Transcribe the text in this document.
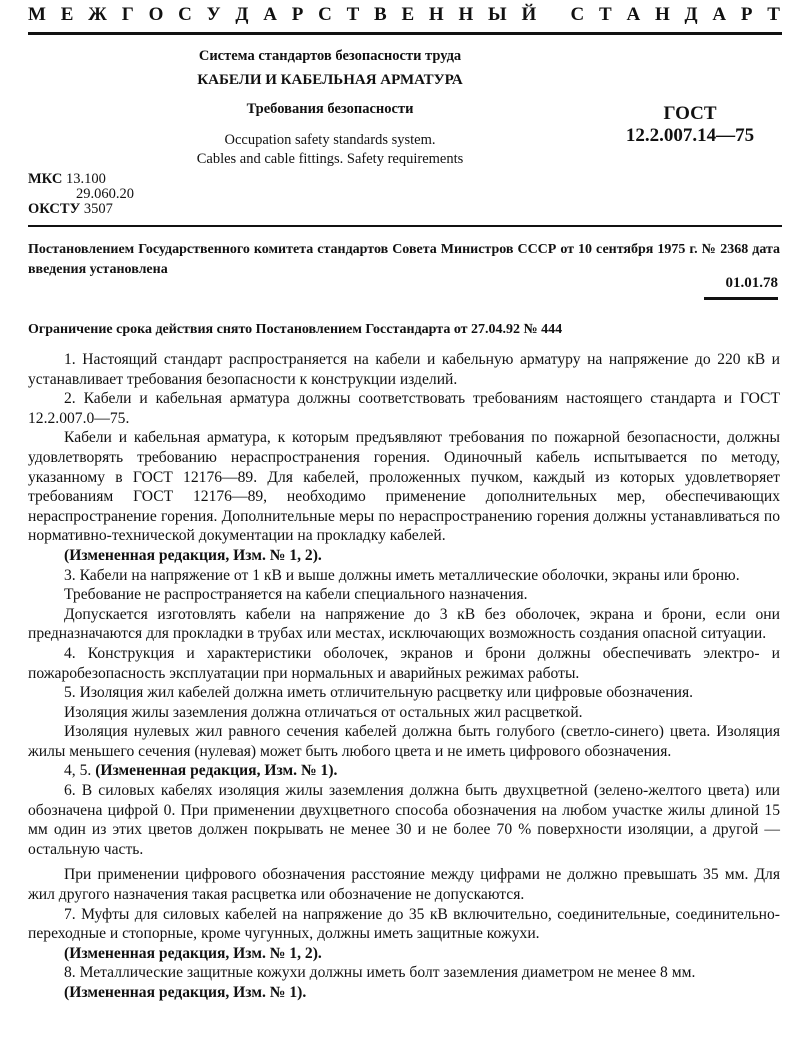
М Е Ж Г О С У Д А Р С Т В Е Н Н Ы Й
С Т А Н Д А Р Т
Система стандартов безопасности труда
КАБЕЛИ И КАБЕЛЬНАЯ АРМАТУРА
Требования безопасности
Occupation safety standards system.
Cables and cable fittings. Safety requirements
ГОСТ
12.2.007.14—75
МКС 13.100
29.060.20
ОКСТУ 3507
Постановлением Государственного комитета стандартов Совета Министров СССР от 10 сентября 1975 г. № 2368 дата введения установлена
01.01.78
Ограничение срока действия снято Постановлением Госстандарта от 27.04.92 № 444

1. Настоящий стандарт распространяется на кабели и кабельную арматуру на напряжение до 220 кВ и устанавливает требования безопасности к конструкции изделий.

2. Кабели и кабельная арматура должны соответствовать требованиям настоящего стандарта и ГОСТ 12.2.007.0—75.

Кабели и кабельная арматура, к которым предъявляют требования по пожарной безопасности, должны удовлетворять требованию нераспространения горения. Одиночный кабель испытывается по методу, указанному в ГОСТ 12176—89. Для кабелей, проложенных пучком, каждый из которых удовлетворяет требованиям ГОСТ 12176—89, необходимо применение дополнительных мер, обеспечивающих нераспространение горения. Дополнительные меры по нераспространению горения должны устанавливаться по нормативно-технической документации на прокладку кабелей.

(Измененная редакция, Изм. № 1, 2).

3. Кабели на напряжение от 1 кВ и выше должны иметь металлические оболочки, экраны или броню.

Требование не распространяется на кабели специального назначения.

Допускается изготовлять кабели на напряжение до 3 кВ без оболочек, экрана и брони, если они предназначаются для прокладки в трубах или местах, исключающих возможность создания опасной ситуации.

4. Конструкция и характеристики оболочек, экранов и брони должны обеспечивать электро- и пожаробезопасность эксплуатации при нормальных и аварийных режимах работы.

5. Изоляция жил кабелей должна иметь отличительную расцветку или цифровые обозначения.

Изоляция жилы заземления должна отличаться от остальных жил расцветкой.

Изоляция нулевых жил равного сечения кабелей должна быть голубого (светло-синего) цвета. Изоляция жилы меньшего сечения (нулевая) может быть любого цвета и не иметь цифрового обозначения.

4, 5. (Измененная редакция, Изм. № 1).

6. В силовых кабелях изоляция жилы заземления должна быть двухцветной (зелено-желтого цвета) или обозначена цифрой 0. При применении двухцветного способа обозначения на любом участке жилы длиной 15 мм один из этих цветов должен покрывать не менее 30 и не более 70 % поверхности изоляции, а другой — остальную часть.

При применении цифрового обозначения расстояние между цифрами не должно превышать 35 мм. Для жил другого назначения такая расцветка или обозначение не допускаются.

7. Муфты для силовых кабелей на напряжение до 35 кВ включительно, соединительные, соединительно-переходные и стопорные, кроме чугунных, должны иметь защитные кожухи.

(Измененная редакция, Изм. № 1, 2).

8. Металлические защитные кожухи должны иметь болт заземления диаметром не менее 8 мм.

(Измененная редакция, Изм. № 1).
